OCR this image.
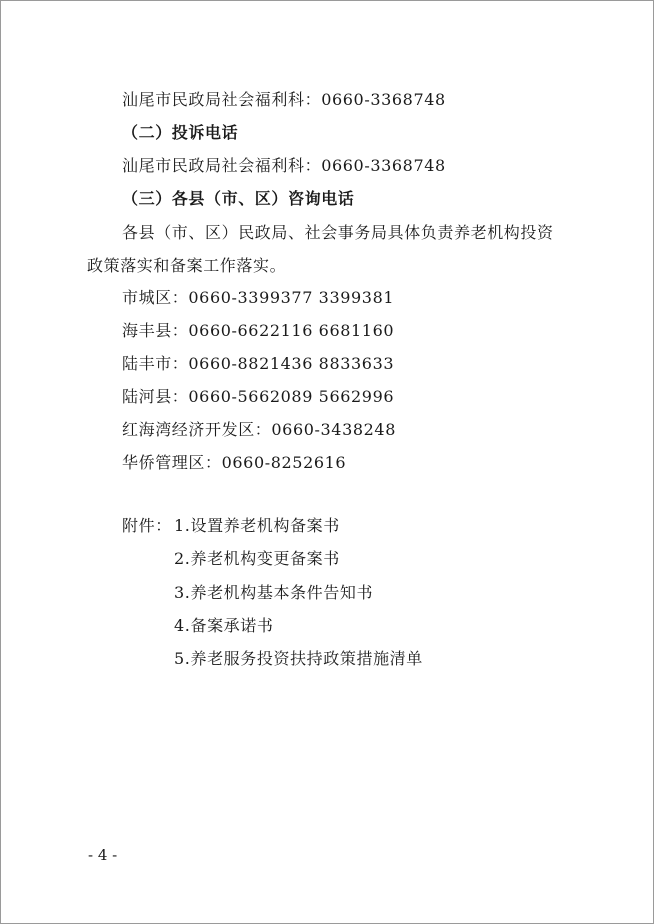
汕尾市民政局社会福利科：0660-3368748
（二）投诉电话
汕尾市民政局社会福利科：0660-3368748
（三）各县（市、区）咨询电话
各县（市、区）民政局、社会事务局具体负责养老机构投资
政策落实和备案工作落实。
市城区：0660-3399377 3399381
海丰县：0660-6622116 6681160
陆丰市：0660-8821436 8833633
陆河县：0660-5662089 5662996
红海湾经济开发区：0660-3438248
华侨管理区：0660-8252616
附件： 1.设置养老机构备案书
2.养老机构变更备案书
3.养老机构基本条件告知书
4.备案承诺书
5.养老服务投资扶持政策措施清单
- 4 -
